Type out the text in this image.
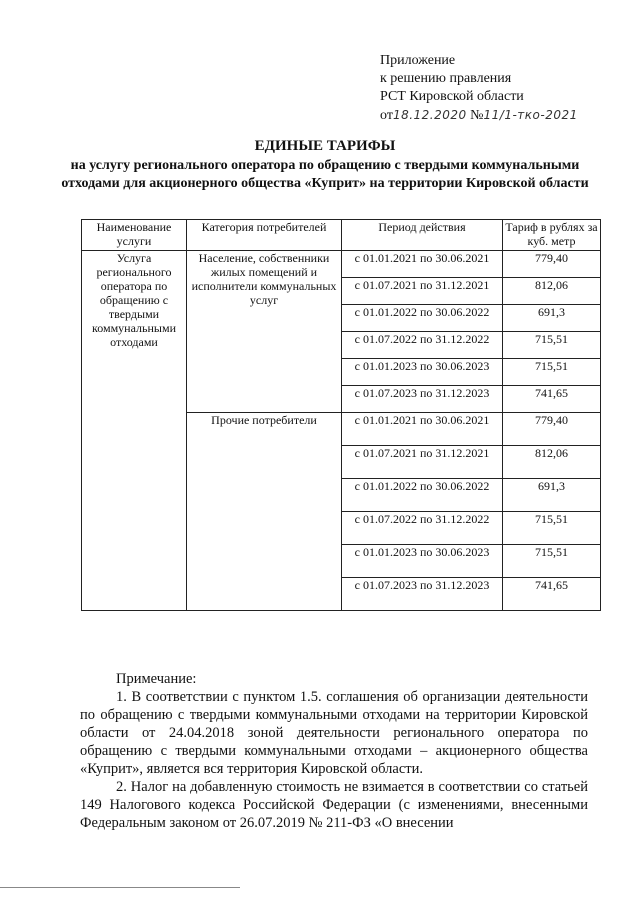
Приложение
к решению правления
РСТ Кировской области
от18.12.2020 №11/1-тко-2021
ЕДИНЫЕ ТАРИФЫ
на услугу регионального оператора по обращению с твердыми коммунальными отходами для акционерного общества «Куприт» на территории Кировской области
Наименование услуги	Категория потребителей	Период действия	Тариф в рублях за куб. метр
Услуга регионального оператора по обращению с твердыми коммунальными отходами	Население, собственники жилых помещений и исполнители коммунальных услуг	с 01.01.2021 по 30.06.2021	779,40
		с 01.07.2021 по 31.12.2021	812,06
		с 01.01.2022 по 30.06.2022	691,3
		с 01.07.2022 по 31.12.2022	715,51
		с 01.01.2023 по 30.06.2023	715,51
		с 01.07.2023 по 31.12.2023	741,65
	Прочие потребители	с 01.01.2021 по 30.06.2021	779,40
		с 01.07.2021 по 31.12.2021	812,06
		с 01.01.2022 по 30.06.2022	691,3
		с 01.07.2022 по 31.12.2022	715,51
		с 01.01.2023 по 30.06.2023	715,51
		с 01.07.2023 по 31.12.2023	741,65

Примечание:

1. В соответствии с пунктом 1.5. соглашения об организации деятельности по обращению с твердыми коммунальными отходами на территории Кировской области от 24.04.2018 зоной деятельности регионального оператора по обращению с твердыми коммунальными отходами – акционерного общества «Куприт», является вся территория Кировской области.

2. Налог на добавленную стоимость не взимается в соответствии со статьей 149 Налогового кодекса Российской Федерации (с изменениями, внесенными Федеральным законом от 26.07.2019 № 211-ФЗ «О внесении
